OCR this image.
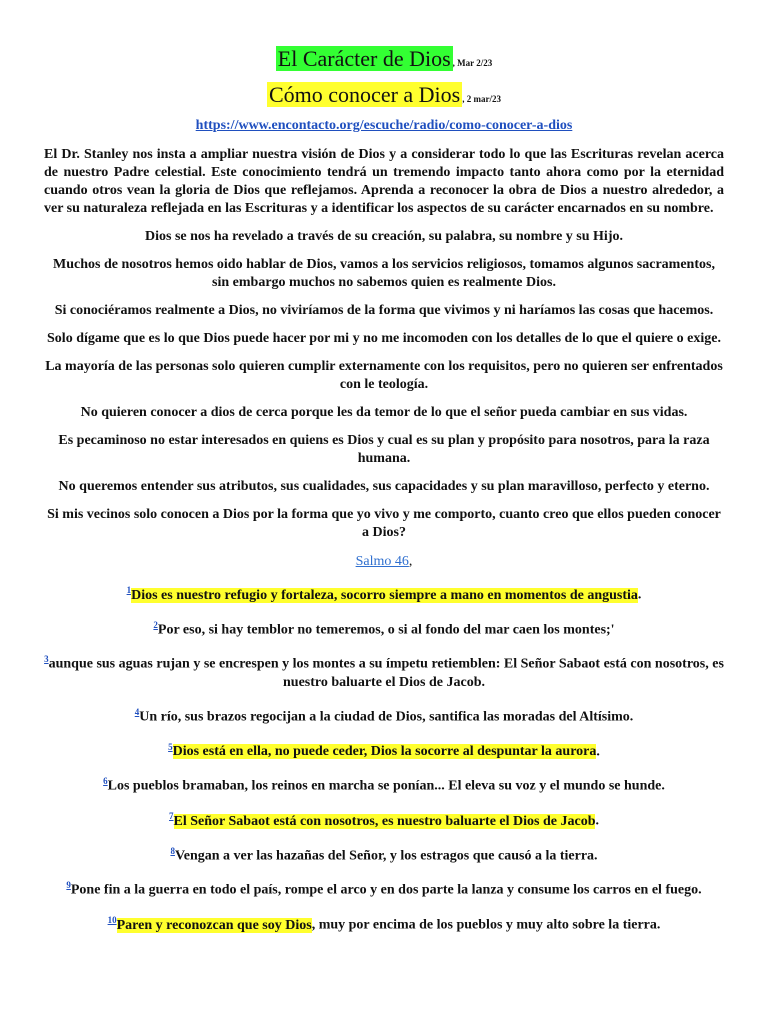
El Carácter de Dios , Mar 2/23
Cómo conocer a Dios , 2 mar/23
https://www.encontacto.org/escuche/radio/como-conocer-a-dios

El Dr. Stanley nos insta a ampliar nuestra visión de Dios y a considerar todo lo que las Escrituras revelan acerca de nuestro Padre celestial. Este conocimiento tendrá un tremendo impacto tanto ahora como por la eternidad cuando otros vean la gloria de Dios que reflejamos. Aprenda a reconocer la obra de Dios a nuestro alrededor, a ver su naturaleza reflejada en las Escrituras y a identificar los aspectos de su carácter encarnados en su nombre.

Dios se nos ha revelado a través de su creación, su palabra, su nombre y su Hijo.

Muchos de nosotros hemos oido hablar de Dios, vamos a los servicios religiosos, tomamos algunos sacramentos, sin embargo muchos no sabemos quien es realmente Dios.

Si conociéramos realmente a Dios, no viviríamos de la forma que vivimos y ni haríamos las cosas que hacemos.

Solo dígame que es lo que Dios puede hacer por mi y no me incomoden con los detalles de lo que el quiere o exige.

La mayoría de las personas solo quieren cumplir externamente con los requisitos, pero no quieren ser enfrentados con le teología.

No quieren conocer a dios de cerca porque les da temor de lo que el señor pueda cambiar en sus vidas.

Es pecaminoso no estar interesados en quiens es Dios y cual es su plan y propósito para nosotros, para la raza humana.

No queremos entender sus atributos, sus cualidades, sus capacidades y su plan maravilloso, perfecto y eterno.

Si mis vecinos solo conocen a Dios por la forma que yo vivo y me comporto, cuanto creo que ellos pueden conocer a Dios?

Salmo 46,

$^1$Dios es nuestro refugio y fortaleza, socorro siempre a mano en momentos de angustia.

$^2$Por eso, si hay temblor no temeremos, o si al fondo del mar caen los montes;'

$^3$aunque sus aguas rujan y se encrespen y los montes a su ímpetu retiemblen: El Señor Sabaot está con nosotros, es nuestro baluarte el Dios de Jacob.

$^4$Un río, sus brazos regocijan a la ciudad de Dios, santifica las moradas del Altísimo.

$^5$Dios está en ella, no puede ceder, Dios la socorre al despuntar la aurora.

$^6$Los pueblos bramaban, los reinos en marcha se ponían... El eleva su voz y el mundo se hunde.

$^7$El Señor Sabaot está con nosotros, es nuestro baluarte el Dios de Jacob.

$^8$Vengan a ver las hazañas del Señor, y los estragos que causó a la tierra.

$^9$Pone fin a la guerra en todo el país, rompe el arco y en dos parte la lanza y consume los carros en el fuego.

$^{10}$Paren y reconozcan que soy Dios, muy por encima de los pueblos y muy alto sobre la tierra.
